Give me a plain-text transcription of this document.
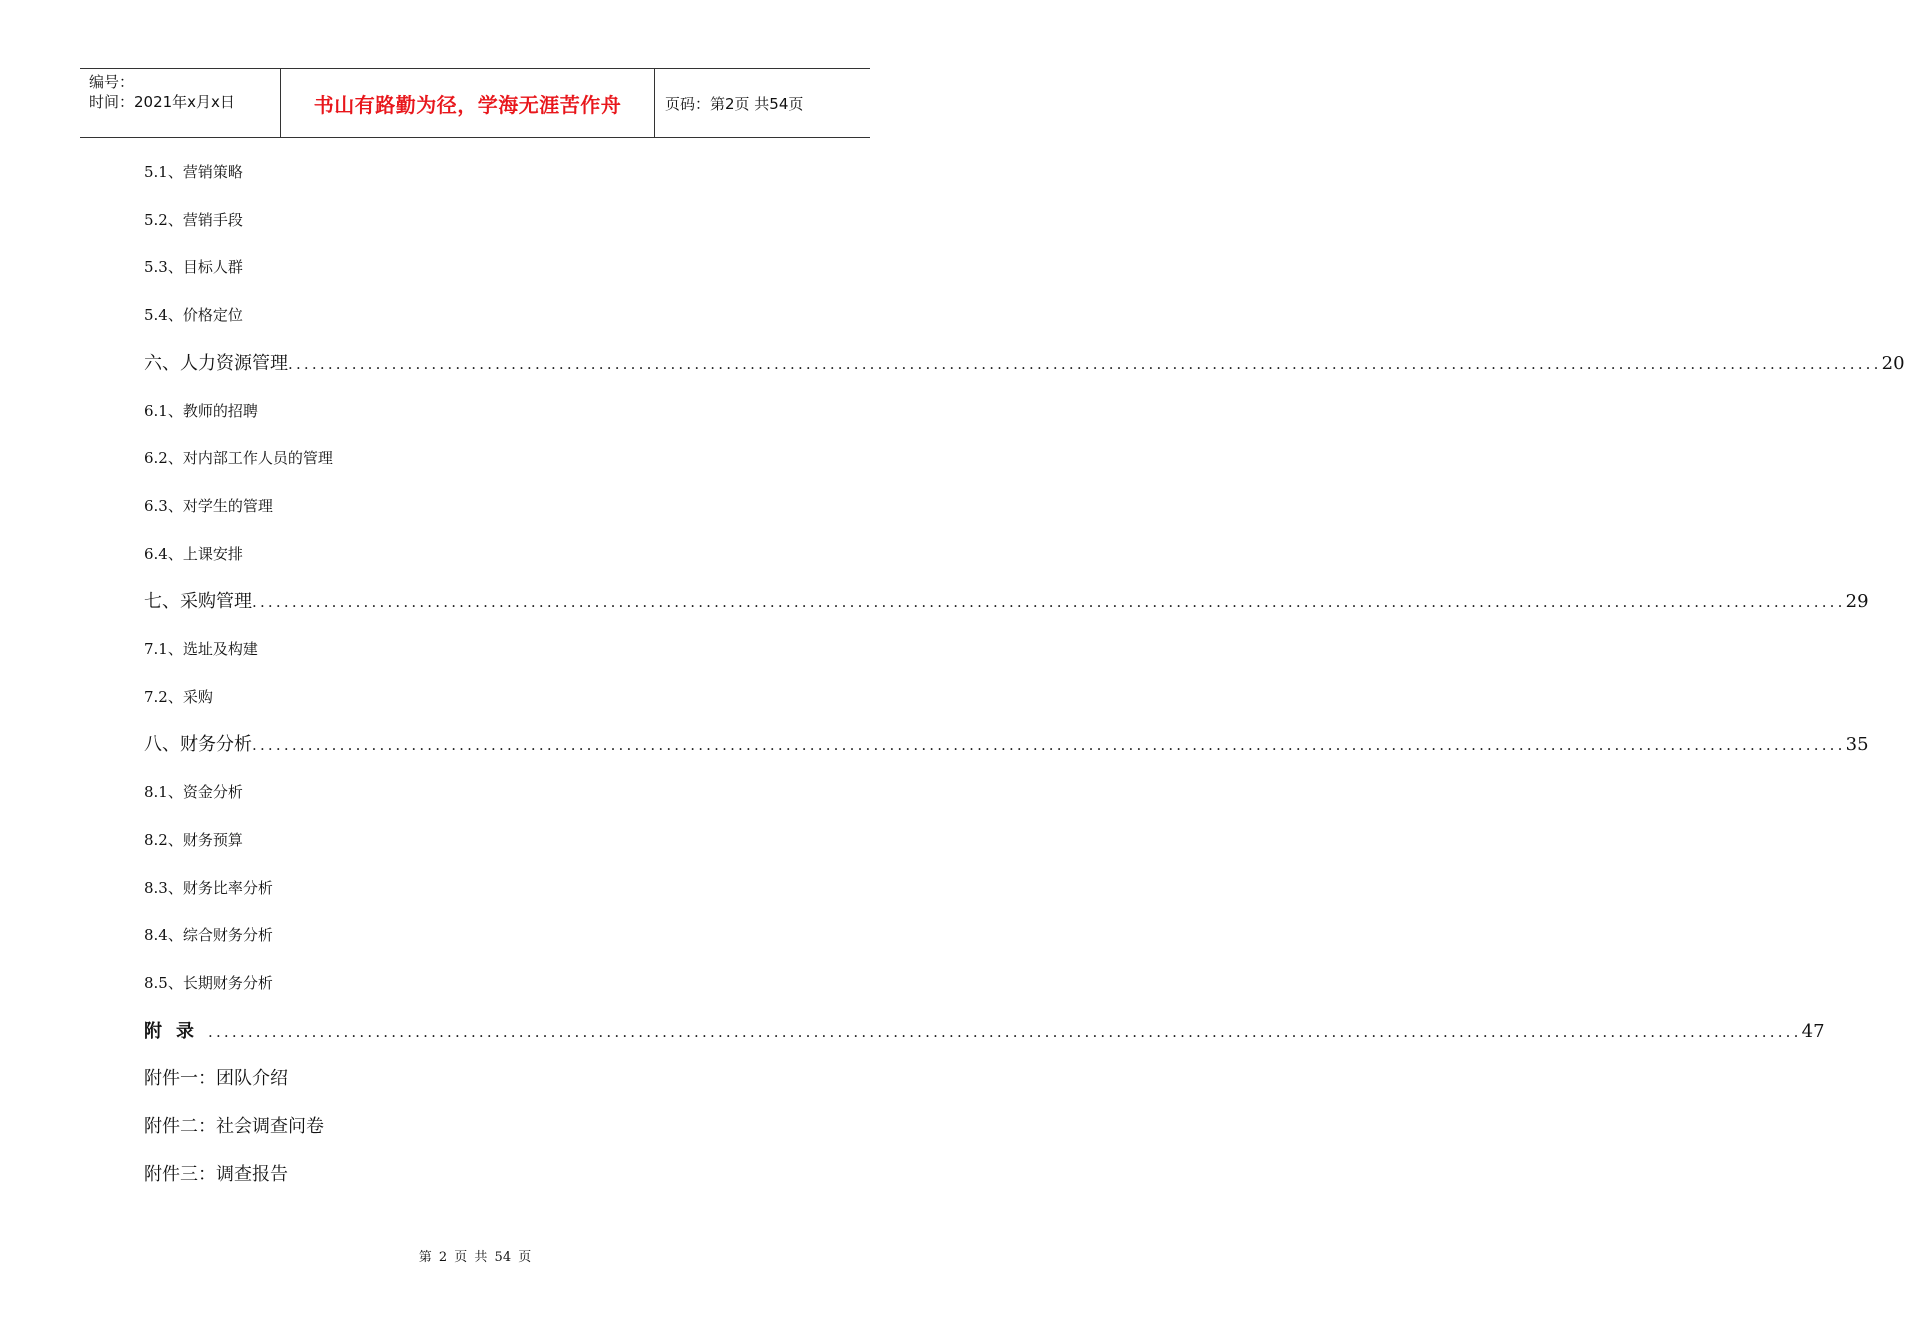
编号：
时间：2021年x月x日	书山有路勤为径，学海无涯苦作舟	页码：第2页 共54页
5.1、营销策略
5.2、营销手段
5.3、目标人群
5.4、价格定位
六、人力资源管理 ........................................................................................................................................................................................................ 20
6.1、教师的招聘
6.2、对内部工作人员的管理
6.3、对学生的管理
6.4、上课安排
七、采购管理 ........................................................................................................................................................................................................ 29
7.1、选址及构建
7.2、采购
八、财务分析 ........................................................................................................................................................................................................ 35
8.1、资金分析
8.2、财务预算
8.3、财务比率分析
8.4、综合财务分析
8.5、长期财务分析
附录 ........................................................................................................................................................................................................ 47
附件一：团队介绍
附件二：社会调查问卷
附件三：调查报告
第 2 页 共 54 页
